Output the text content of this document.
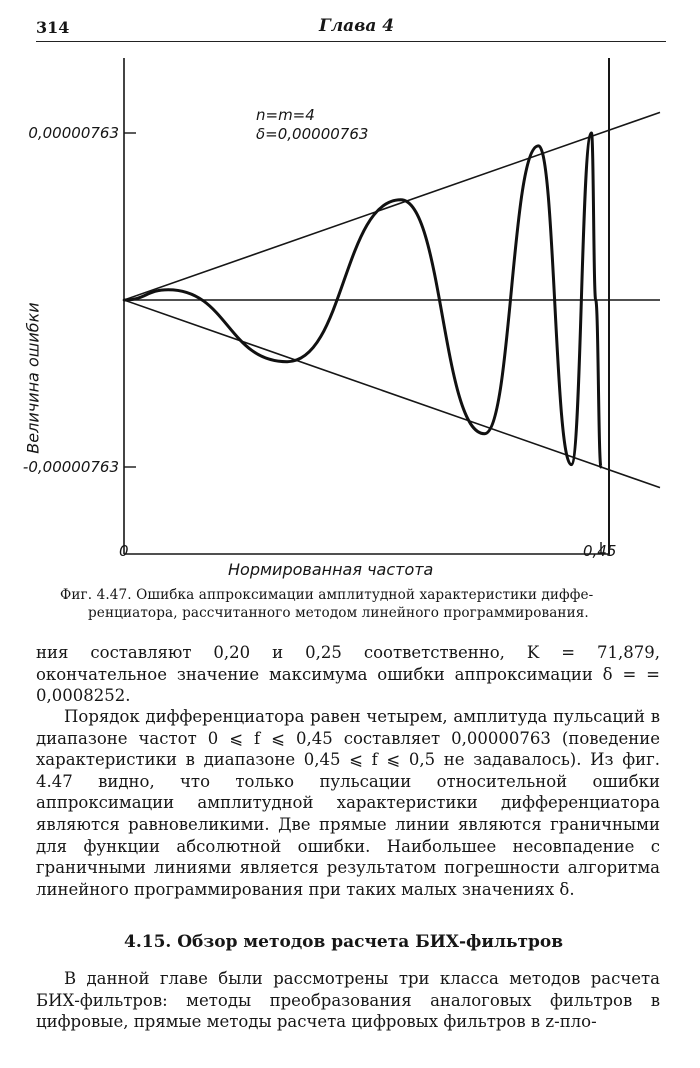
314	Глава 4
n=m=4
δ=0,00000763
0,00000763
-0,00000763
0	0,45
Нормированная частота
Величина ошибки
Фиг. 4.47. Ошибка аппроксимации амплитудной характеристики диффе-
ренциатора, рассчитанного методом линейного программирования.
ния составляют 0,20 и 0,25 соответственно, K = 71,879, окончательное значение максимума ошибки аппроксимации δ = = 0,0008252.
Порядок дифференциатора равен четырем, амплитуда пульсаций в диапазоне частот 0 ⩽ f ⩽ 0,45 составляет 0,00000763 (поведение характеристики в диапазоне 0,45 ⩽ f ⩽ 0,5 не задавалось). Из фиг. 4.47 видно, что только пульсации относительной ошибки аппроксимации амплитудной характеристики дифференциатора являются равновеликими. Две прямые линии являются граничными для функции абсолютной ошибки. Наибольшее несовпадение с граничными линиями является результатом погрешности алгоритма линейного программирования при таких малых значениях δ.
4.15. Обзор методов расчета БИХ-фильтров
В данной главе были рассмотрены три класса методов расчета БИХ-фильтров: методы преобразования аналоговых фильтров в цифровые, прямые методы расчета цифровых фильтров в z-пло-
